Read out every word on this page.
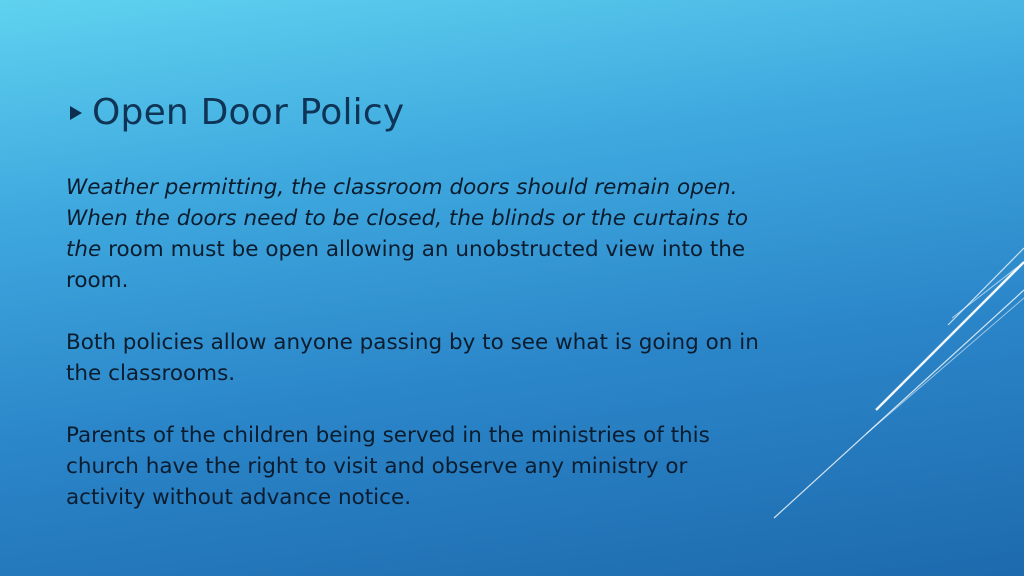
Open Door Policy

Weather permitting, the classroom doors should remain open. When the doors need to be closed, the blinds or the curtains to the room must be open allowing an unobstructed view into the room.

Both policies allow anyone passing by to see what is going on in the classrooms.

Parents of the children being served in the ministries of this church have the right to visit and observe any ministry or activity without advance notice.
